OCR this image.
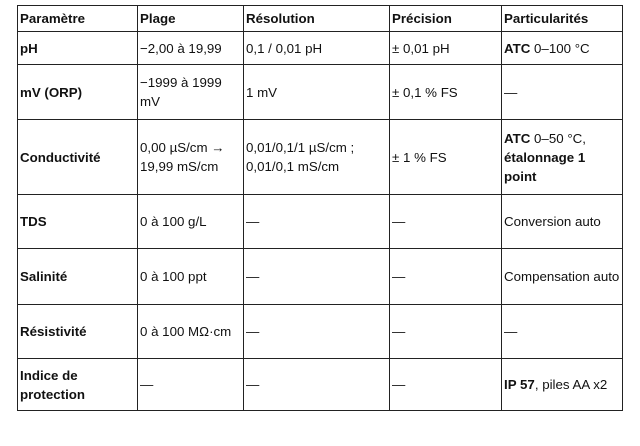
Paramètre	Plage	Résolution	Précision	Particularités
pH	−2,00 à 19,99	0,1 / 0,01 pH	± 0,01 pH	ATC 0–100 °C
mV (ORP)	−1999 à 1999 mV	1 mV	± 0,1 % FS	—
Conductivité	0,00 µS/cm → 19,99 mS/cm	0,01/0,1/1 µS/cm ; 0,01/0,1 mS/cm	± 1 % FS	ATC 0–50 °C, étalonnage 1 point
TDS	0 à 100 g/L	—	—	Conversion auto
Salinité	0 à 100 ppt	—	—	Compensation auto
Résistivité	0 à 100 MΩ·cm	—	—	—
Indice de protection	—	—	—	IP 57, piles AA x2
